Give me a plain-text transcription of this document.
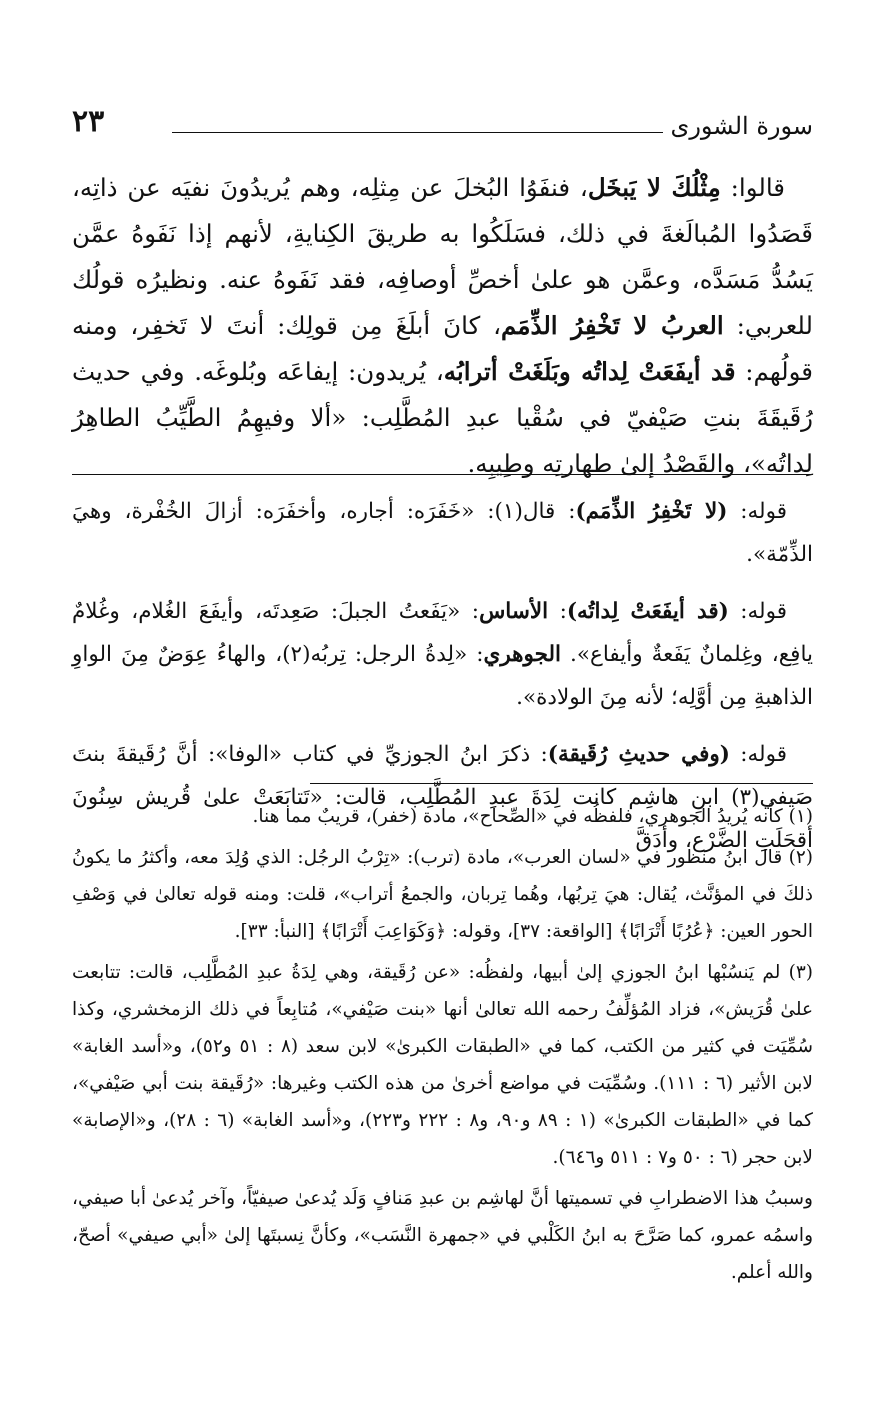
سورة الشورى
٢٣

قالوا: مِثْلُكَ لا يَبخَل، فنفَوُا البُخلَ عن مِثلِه، وهم يُريدُونَ نفيَه عن ذاتِه، قَصَدُوا المُبالَغةَ في ذلك، فسَلَكُوا به طريقَ الكِنايةِ، لأنهم إذا نَفَوهُ عمَّن يَسُدُّ مَسَدَّه، وعمَّن هو علىٰ أخصِّ أوصافِه، فقد نَفَوهُ عنه. ونظيرُه قولُك للعربي: العربُ لا تَخْفِرُ الذِّمَم، كانَ أبلَغَ مِن قولِك: أنتَ لا تَخفِر، ومنه قولُهم: قد أيفَعَتْ لِداتُه وبَلَغَتْ أترابُه، يُريدون: إيفاعَه وبُلوغَه. وفي حديث رُقَيقَةَ بنتِ صَيْفيّ في سُقْيا عبدِ المُطَّلِب: «ألا وفيهِمُ الطَّيِّبُ الطاهِرُ لِداتُه»، والقَصْدُ إلىٰ طهارتِه وطِيبِه.

قوله: (لا تَخْفِرُ الذِّمَم): قال(١): «خَفَرَه: أجاره، وأخفَرَه: أزالَ الخُفْرة، وهيَ الذِّمّة».

قوله: (قد أيفَعَتْ لِداتُه): الأساس: «يَفَعتُ الجبلَ: صَعِدتَه، وأيفَعَ الغُلام، وغُلامٌ يافِع، وغِلمانٌ يَفَعةٌ وأيفاع». الجوهري: «لِدةُ الرجل: تِربُه(٢)، والهاءُ عِوَضٌ مِنَ الواوِ الذاهبةِ مِن أوَّلِه؛ لأنه مِنَ الولادة».

قوله: (وفي حديثِ رُقَيقة): ذكرَ ابنُ الجوزيِّ في كتاب «الوفا»: أنَّ رُقَيقةَ بنتَ صَيفي(٣) ابنِ هاشِم كانت لِدَةَ عبدِ المُطَّلِب، قالت: «تَتابَعَتْ علىٰ قُريش سِنُونَ أقحَلَتِ الضَّرْع، وأدَقَّ

(١) كأنه يُريدُ الجوهري، فلفظُه في «الصِّحاح»، مادة (خفر)، قريبٌ مما هنا.

(٢) قال ابنُ منظور في «لسان العرب»، مادة (ترب): «تِرْبُ الرجُل: الذي وُلِدَ معه، وأكثرُ ما يكونُ ذلكَ في المؤنَّث، يُقال: هيَ تِربُها، وهُما تِربان، والجمعُ أتراب»، قلت: ومنه قوله تعالىٰ في وَصْفِ الحور العين: ﴿عُرُبًا أَتْرَابًا﴾ [الواقعة: ٣٧]، وقوله: ﴿وَكَوَاعِبَ أَتْرَابًا﴾ [النبأ: ٣٣].

(٣) لم يَنسُبْها ابنُ الجوزي إلىٰ أبيها، ولفظُه: «عن رُقَيقة، وهي لِدَةُ عبدِ المُطَّلِب، قالت: تتابعت علىٰ قُرَيش»، فزاد المُؤلِّفُ رحمه الله تعالىٰ أنها «بنت صَيْفي»، مُتابِعاً في ذلك الزمخشري، وكذا سُمِّيَت في كثير من الكتب، كما في «الطبقات الكبرىٰ» لابن سعد (٨ : ٥١ و٥٢)، و«أسد الغابة» لابن الأثير (٦ : ١١١). وسُمِّيَت في مواضع أخرىٰ من هذه الكتب وغيرها: «رُقَيقة بنت أبي صَيْفي»، كما في «الطبقات الكبرىٰ» (١ : ٨٩ و٩٠، و٨ : ٢٢٢ و٢٢٣)، و«أسد الغابة» (٦ : ٢٨)، و«الإصابة» لابن حجر (٦ : ٥٠ و٧ : ٥١١ و٦٤٦).

وسببُ هذا الاضطرابِ في تسميتها أنَّ لهاشِم بن عبدِ مَنافٍ وَلَد يُدعىٰ صيفيّاً، وآخر يُدعىٰ أبا صيفي، واسمُه عمرو، كما صَرَّحَ به ابنُ الكَلْبي في «جمهرة النَّسَب»، وكأنَّ نِسبتَها إلىٰ «أبي صيفي» أصحّ، والله أعلم.
